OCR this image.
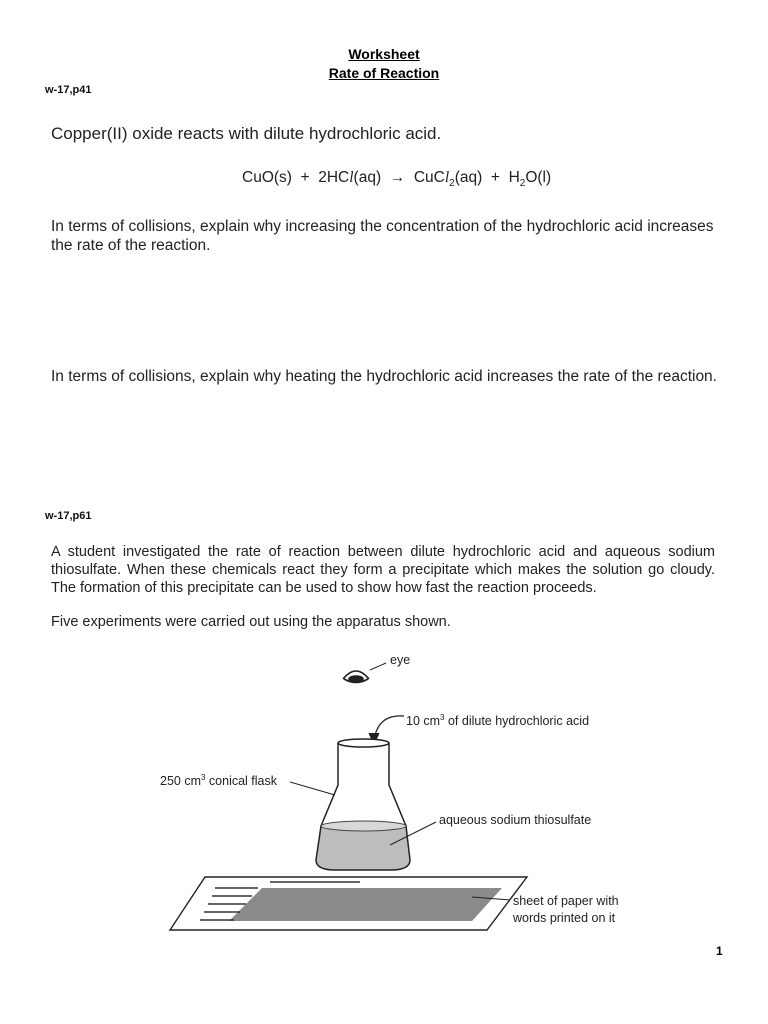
Worksheet
Rate of Reaction
w-17,p41
Copper(II) oxide reacts with dilute hydrochloric acid.
CuO(s)  +  2HCl(aq)  →  CuCl$_2$(aq)  +  $H_2O(l)$
In terms of collisions, explain why increasing the concentration of the hydrochloric acid increases the rate of the reaction.
In terms of collisions, explain why heating the hydrochloric acid increases the rate of the reaction.
w-17,p61
A student investigated the rate of reaction between dilute hydrochloric acid and aqueous sodium thiosulfate. When these chemicals react they form a precipitate which makes the solution go cloudy. The formation of this precipitate can be used to show how fast the reaction proceeds.
Five experiments were carried out using the apparatus shown.
eye
10 $cm^3$ of dilute hydrochloric acid
250 $cm^3$ conical flask
aqueous sodium thiosulfate
sheet of paper with
words printed on it
1
